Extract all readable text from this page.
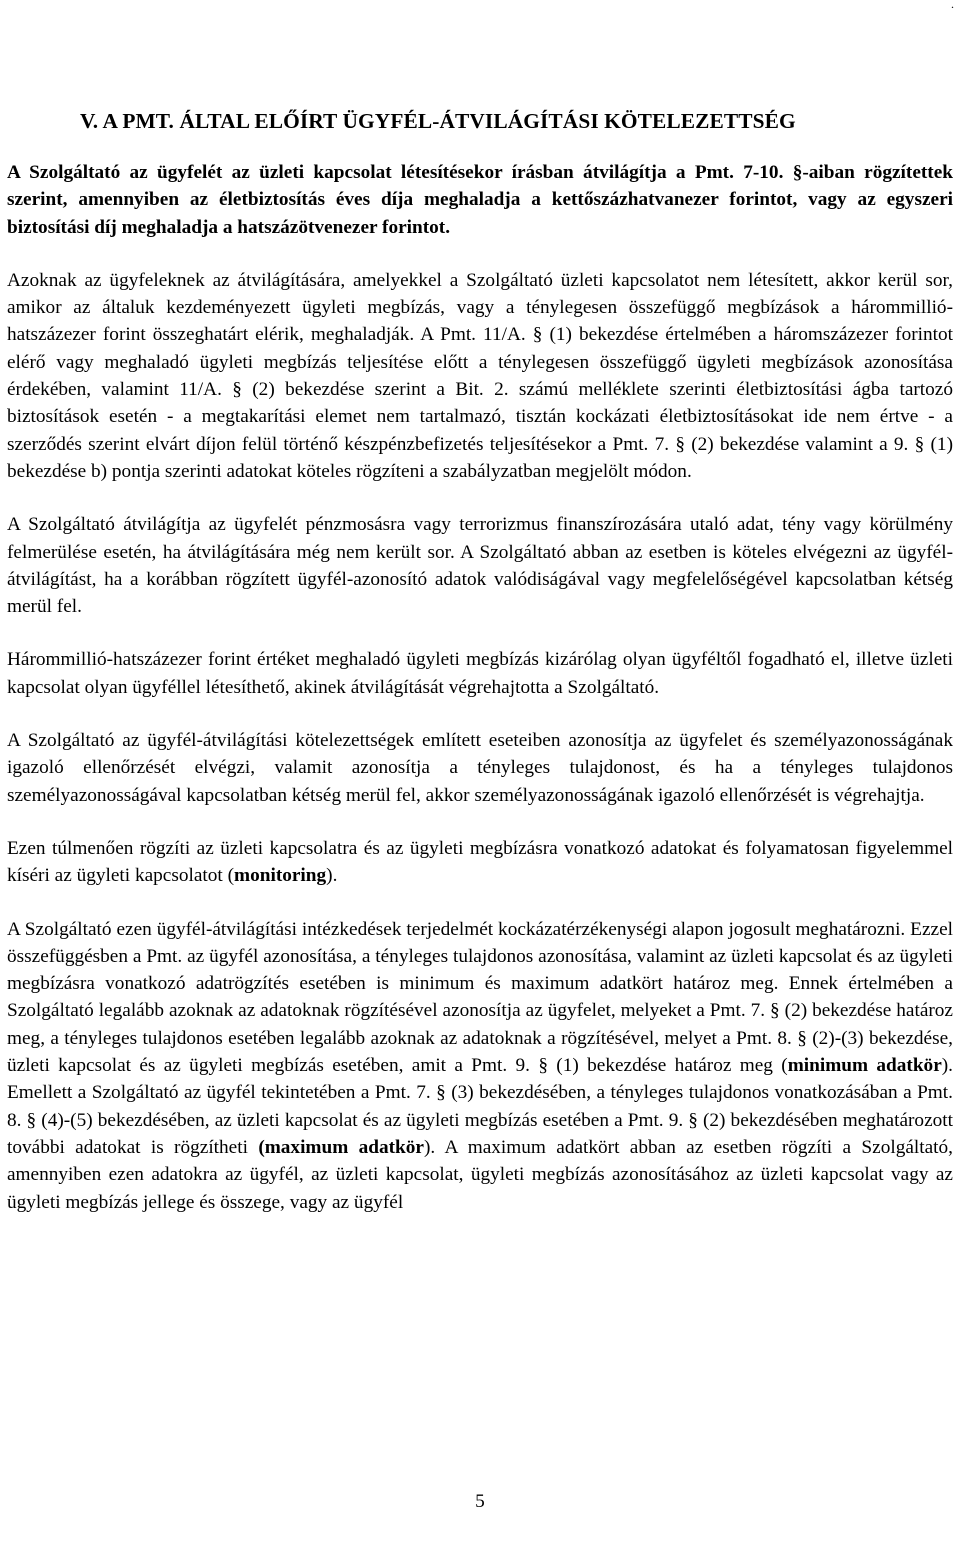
.
V. A PMT. ÁLTAL ELŐÍRT ÜGYFÉL-ÁTVILÁGÍTÁSI KÖTELEZETTSÉG

A Szolgáltató az ügyfelét az üzleti kapcsolat létesítésekor írásban átvilágítja a Pmt. 7-10. §-aiban rögzítettek szerint, amennyiben az életbiztosítás éves díja meghaladja a kettőszázhatvanezer forintot, vagy az egyszeri biztosítási díj meghaladja a hatszázötvenezer forintot.

Azoknak az ügyfeleknek az átvilágítására, amelyekkel a Szolgáltató üzleti kapcsolatot nem létesített, akkor kerül sor, amikor az általuk kezdeményezett ügyleti megbízás, vagy a ténylegesen összefüggő megbízások a hárommillió-hatszázezer forint összeghatárt elérik, meghaladják. A Pmt. 11/A. § (1) bekezdése értelmében a háromszázezer forintot elérő vagy meghaladó ügyleti megbízás teljesítése előtt a ténylegesen összefüggő ügyleti megbízások azonosítása érdekében, valamint 11/A. § (2) bekezdése szerint a Bit. 2. számú melléklete szerinti életbiztosítási ágba tartozó biztosítások esetén - a megtakarítási elemet nem tartalmazó, tisztán kockázati életbiztosításokat ide nem értve - a szerződés szerint elvárt díjon felül történő készpénzbefizetés teljesítésekor a Pmt. 7. § (2) bekezdése valamint a 9. § (1) bekezdése b) pontja szerinti adatokat köteles rögzíteni a szabályzatban megjelölt módon.

A Szolgáltató átvilágítja az ügyfelét pénzmosásra vagy terrorizmus finanszírozására utaló adat, tény vagy körülmény felmerülése esetén, ha átvilágítására még nem került sor. A Szolgáltató abban az esetben is köteles elvégezni az ügyfél-átvilágítást, ha a korábban rögzített ügyfél-azonosító adatok valódiságával vagy megfelelőségével kapcsolatban kétség merül fel.

Hárommillió-hatszázezer forint értéket meghaladó ügyleti megbízás kizárólag olyan ügyféltől fogadható el, illetve üzleti kapcsolat olyan ügyféllel létesíthető, akinek átvilágítását végrehajtotta a Szolgáltató.

A Szolgáltató az ügyfél-átvilágítási kötelezettségek említett eseteiben azonosítja az ügyfelet és személyazonosságának igazoló ellenőrzését elvégzi, valamit azonosítja a tényleges tulajdonost, és ha a tényleges tulajdonos személyazonosságával kapcsolatban kétség merül fel, akkor személyazonosságának igazoló ellenőrzését is végrehajtja.

Ezen túlmenően rögzíti az üzleti kapcsolatra és az ügyleti megbízásra vonatkozó adatokat és folyamatosan figyelemmel kíséri az ügyleti kapcsolatot (monitoring).

A Szolgáltató ezen ügyfél-átvilágítási intézkedések terjedelmét kockázatérzékenységi alapon jogosult meghatározni. Ezzel összefüggésben a Pmt. az ügyfél azonosítása, a tényleges tulajdonos azonosítása, valamint az üzleti kapcsolat és az ügyleti megbízásra vonatkozó adatrögzítés esetében is minimum és maximum adatkört határoz meg. Ennek értelmében a Szolgáltató legalább azoknak az adatoknak rögzítésével azonosítja az ügyfelet, melyeket a Pmt. 7. § (2) bekezdése határoz meg, a tényleges tulajdonos esetében legalább azoknak az adatoknak a rögzítésével, melyet a Pmt. 8. § (2)-(3) bekezdése, üzleti kapcsolat és az ügyleti megbízás esetében, amit a Pmt. 9. § (1) bekezdése határoz meg (minimum adatkör). Emellett a Szolgáltató az ügyfél tekintetében a Pmt. 7. § (3) bekezdésében, a tényleges tulajdonos vonatkozásában a Pmt. 8. § (4)-(5) bekezdésében, az üzleti kapcsolat és az ügyleti megbízás esetében a Pmt. 9. § (2) bekezdésében meghatározott további adatokat is rögzítheti (maximum adatkör). A maximum adatkört abban az esetben rögzíti a Szolgáltató, amennyiben ezen adatokra az ügyfél, az üzleti kapcsolat, ügyleti megbízás azonosításához az üzleti kapcsolat vagy az ügyleti megbízás jellege és összege, vagy az ügyfél

5
